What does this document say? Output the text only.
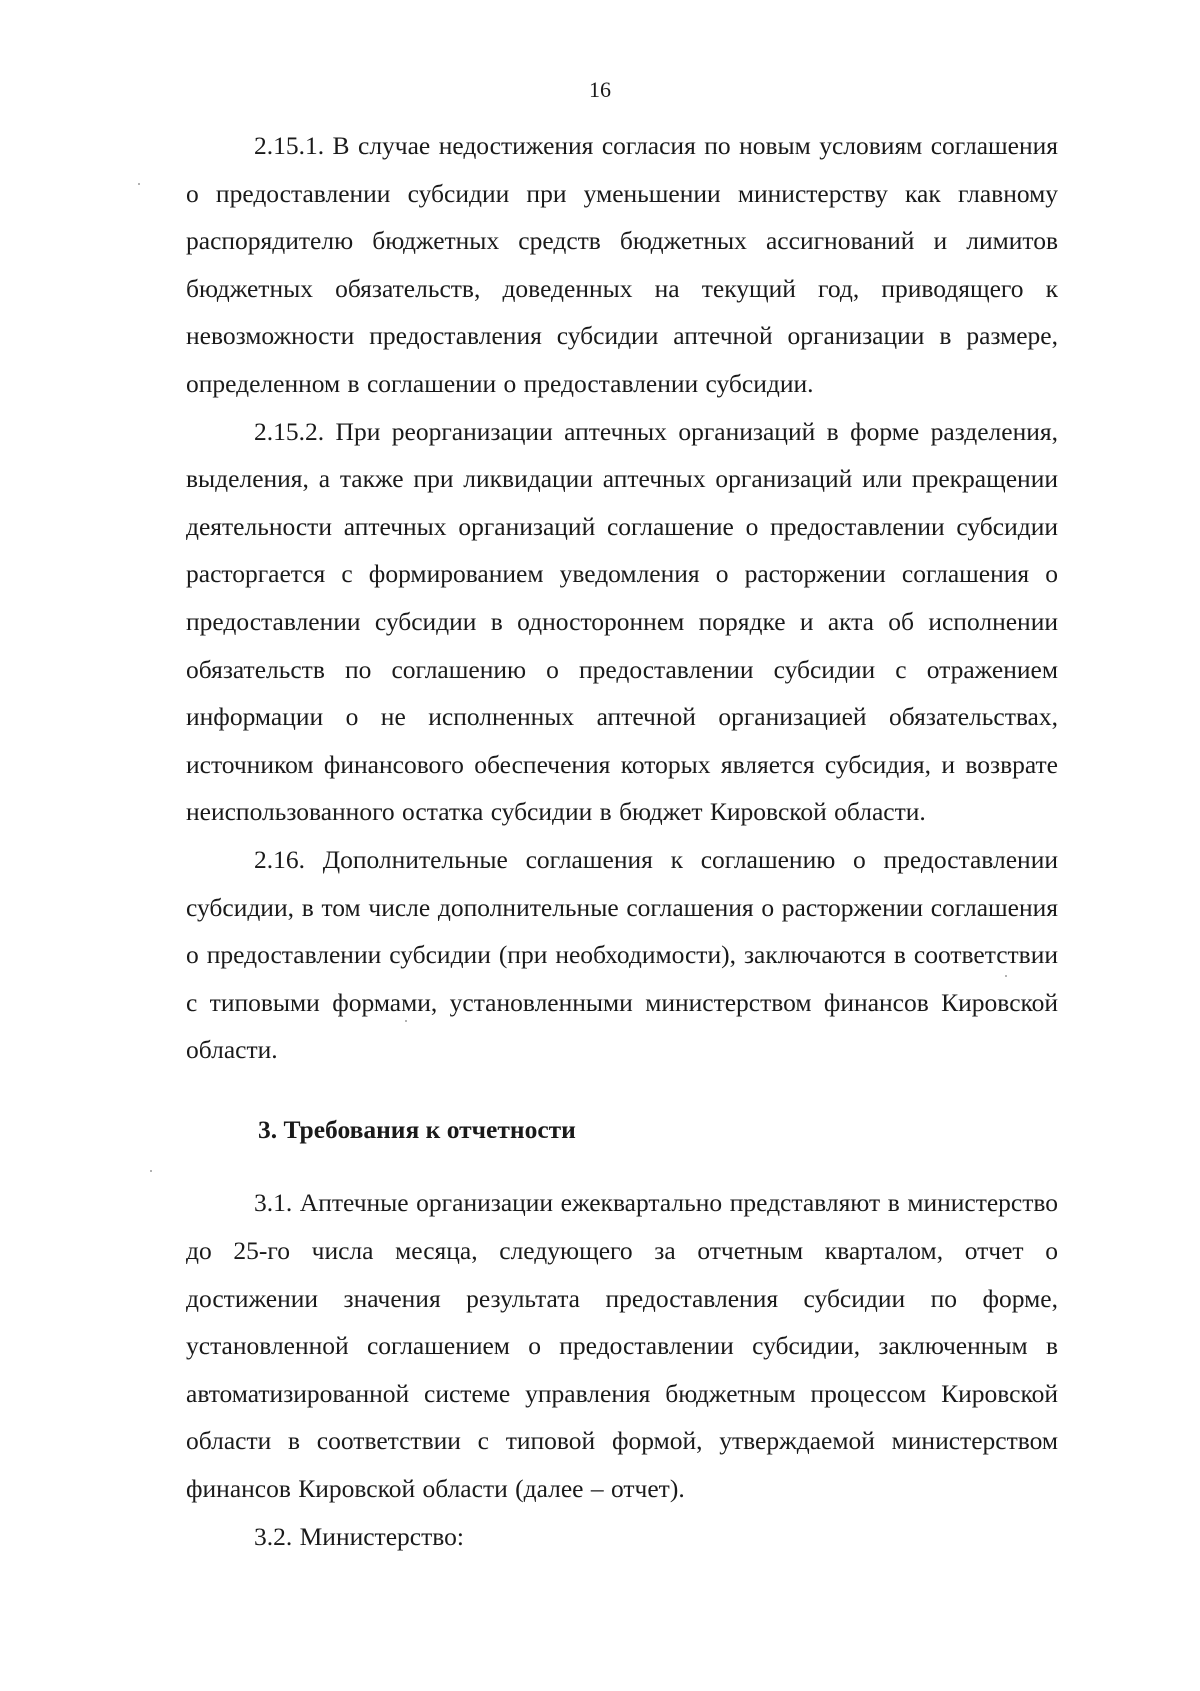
16

2.15.1. В случае недостижения согласия по новым условиям соглашения о предоставлении субсидии при уменьшении министерству как главному распорядителю бюджетных средств бюджетных ассигнований и лимитов бюджетных обязательств, доведенных на текущий год, приводящего к невозможности предоставления субсидии аптечной организации в размере, определенном в соглашении о предоставлении субсидии.

2.15.2. При реорганизации аптечных организаций в форме разделения, выделения, а также при ликвидации аптечных организаций или прекращении деятельности аптечных организаций соглашение о предоставлении субсидии расторгается с формированием уведомления о расторжении соглашения о предоставлении субсидии в одностороннем порядке и акта об исполнении обязательств по соглашению о предоставлении субсидии с отражением информации о не исполненных аптечной организацией обязательствах, источником финансового обеспечения которых является субсидия, и возврате неиспользованного остатка субсидии в бюджет Кировской области.

2.16. Дополнительные соглашения к соглашению о предоставлении субсидии, в том числе дополнительные соглашения о расторжении соглашения о предоставлении субсидии (при необходимости), заключаются в соответствии с типовыми формами, установленными министерством финансов Кировской области.

3. Требования к отчетности

3.1. Аптечные организации ежеквартально представляют в министерство до 25-го числа месяца, следующего за отчетным кварталом, отчет о достижении значения результата предоставления субсидии по форме, установленной соглашением о предоставлении субсидии, заключенным в автоматизированной системе управления бюджетным процессом Кировской области в соответствии с типовой формой, утверждаемой министерством финансов Кировской области (далее – отчет).

3.2. Министерство:
